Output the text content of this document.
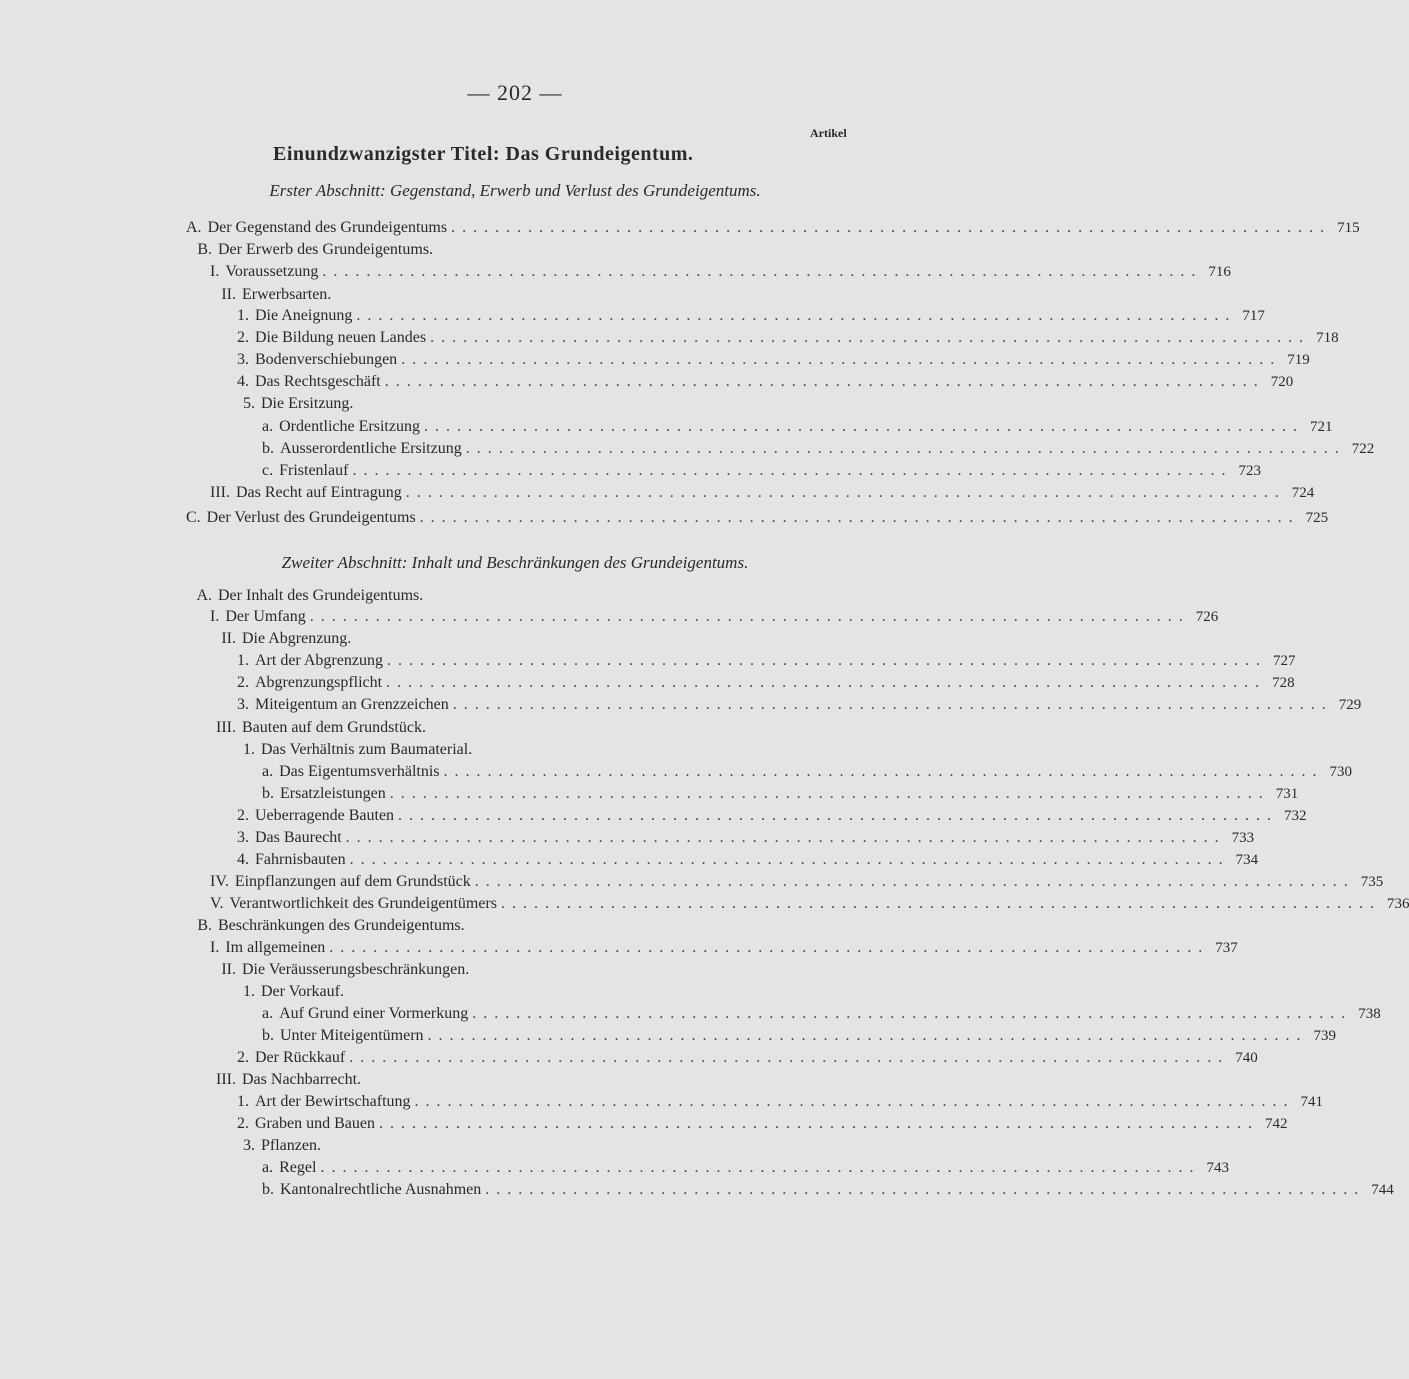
— 202 —
Artikel
Einundzwanzigster Titel: Das Grundeigentum.
Erster Abschnitt: Gegenstand, Erwerb und Verlust des Grundeigentums.
Zweiter Abschnitt: Inhalt und Beschränkungen des Grundeigentums.
A. Der Gegenstand des Grundeigentums ................................................................................ 715
B. Der Erwerb des Grundeigentums.
I. Voraussetzung ................................................................................ 716
II. Erwerbsarten.
1. Die Aneignung ................................................................................ 717
2. Die Bildung neuen Landes ................................................................................ 718
3. Bodenverschiebungen ................................................................................ 719
4. Das Rechtsgeschäft ................................................................................ 720
5. Die Ersitzung.
a. Ordentliche Ersitzung ................................................................................ 721
b. Ausserordentliche Ersitzung ................................................................................ 722
c. Fristenlauf ................................................................................ 723
III. Das Recht auf Eintragung ................................................................................ 724
C. Der Verlust des Grundeigentums ................................................................................ 725
A. Der Inhalt des Grundeigentums.
I. Der Umfang ................................................................................ 726
II. Die Abgrenzung.
1. Art der Abgrenzung ................................................................................ 727
2. Abgrenzungspflicht ................................................................................ 728
3. Miteigentum an Grenzzeichen ................................................................................ 729
III. Bauten auf dem Grundstück.
1. Das Verhältnis zum Baumaterial.
a. Das Eigentumsverhältnis ................................................................................ 730
b. Ersatzleistungen ................................................................................ 731
2. Ueberragende Bauten ................................................................................ 732
3. Das Baurecht ................................................................................ 733
4. Fahrnisbauten ................................................................................ 734
IV. Einpflanzungen auf dem Grundstück ................................................................................ 735
V. Verantwortlichkeit des Grundeigentümers ................................................................................ 736
B. Beschränkungen des Grundeigentums.
I. Im allgemeinen ................................................................................ 737
II. Die Veräusserungsbeschränkungen.
1. Der Vorkauf.
a. Auf Grund einer Vormerkung ................................................................................ 738
b. Unter Miteigentümern ................................................................................ 739
2. Der Rückkauf ................................................................................ 740
III. Das Nachbarrecht.
1. Art der Bewirtschaftung ................................................................................ 741
2. Graben und Bauen ................................................................................ 742
3. Pflanzen.
a. Regel ................................................................................ 743
b. Kantonalrechtliche Ausnahmen ................................................................................ 744
